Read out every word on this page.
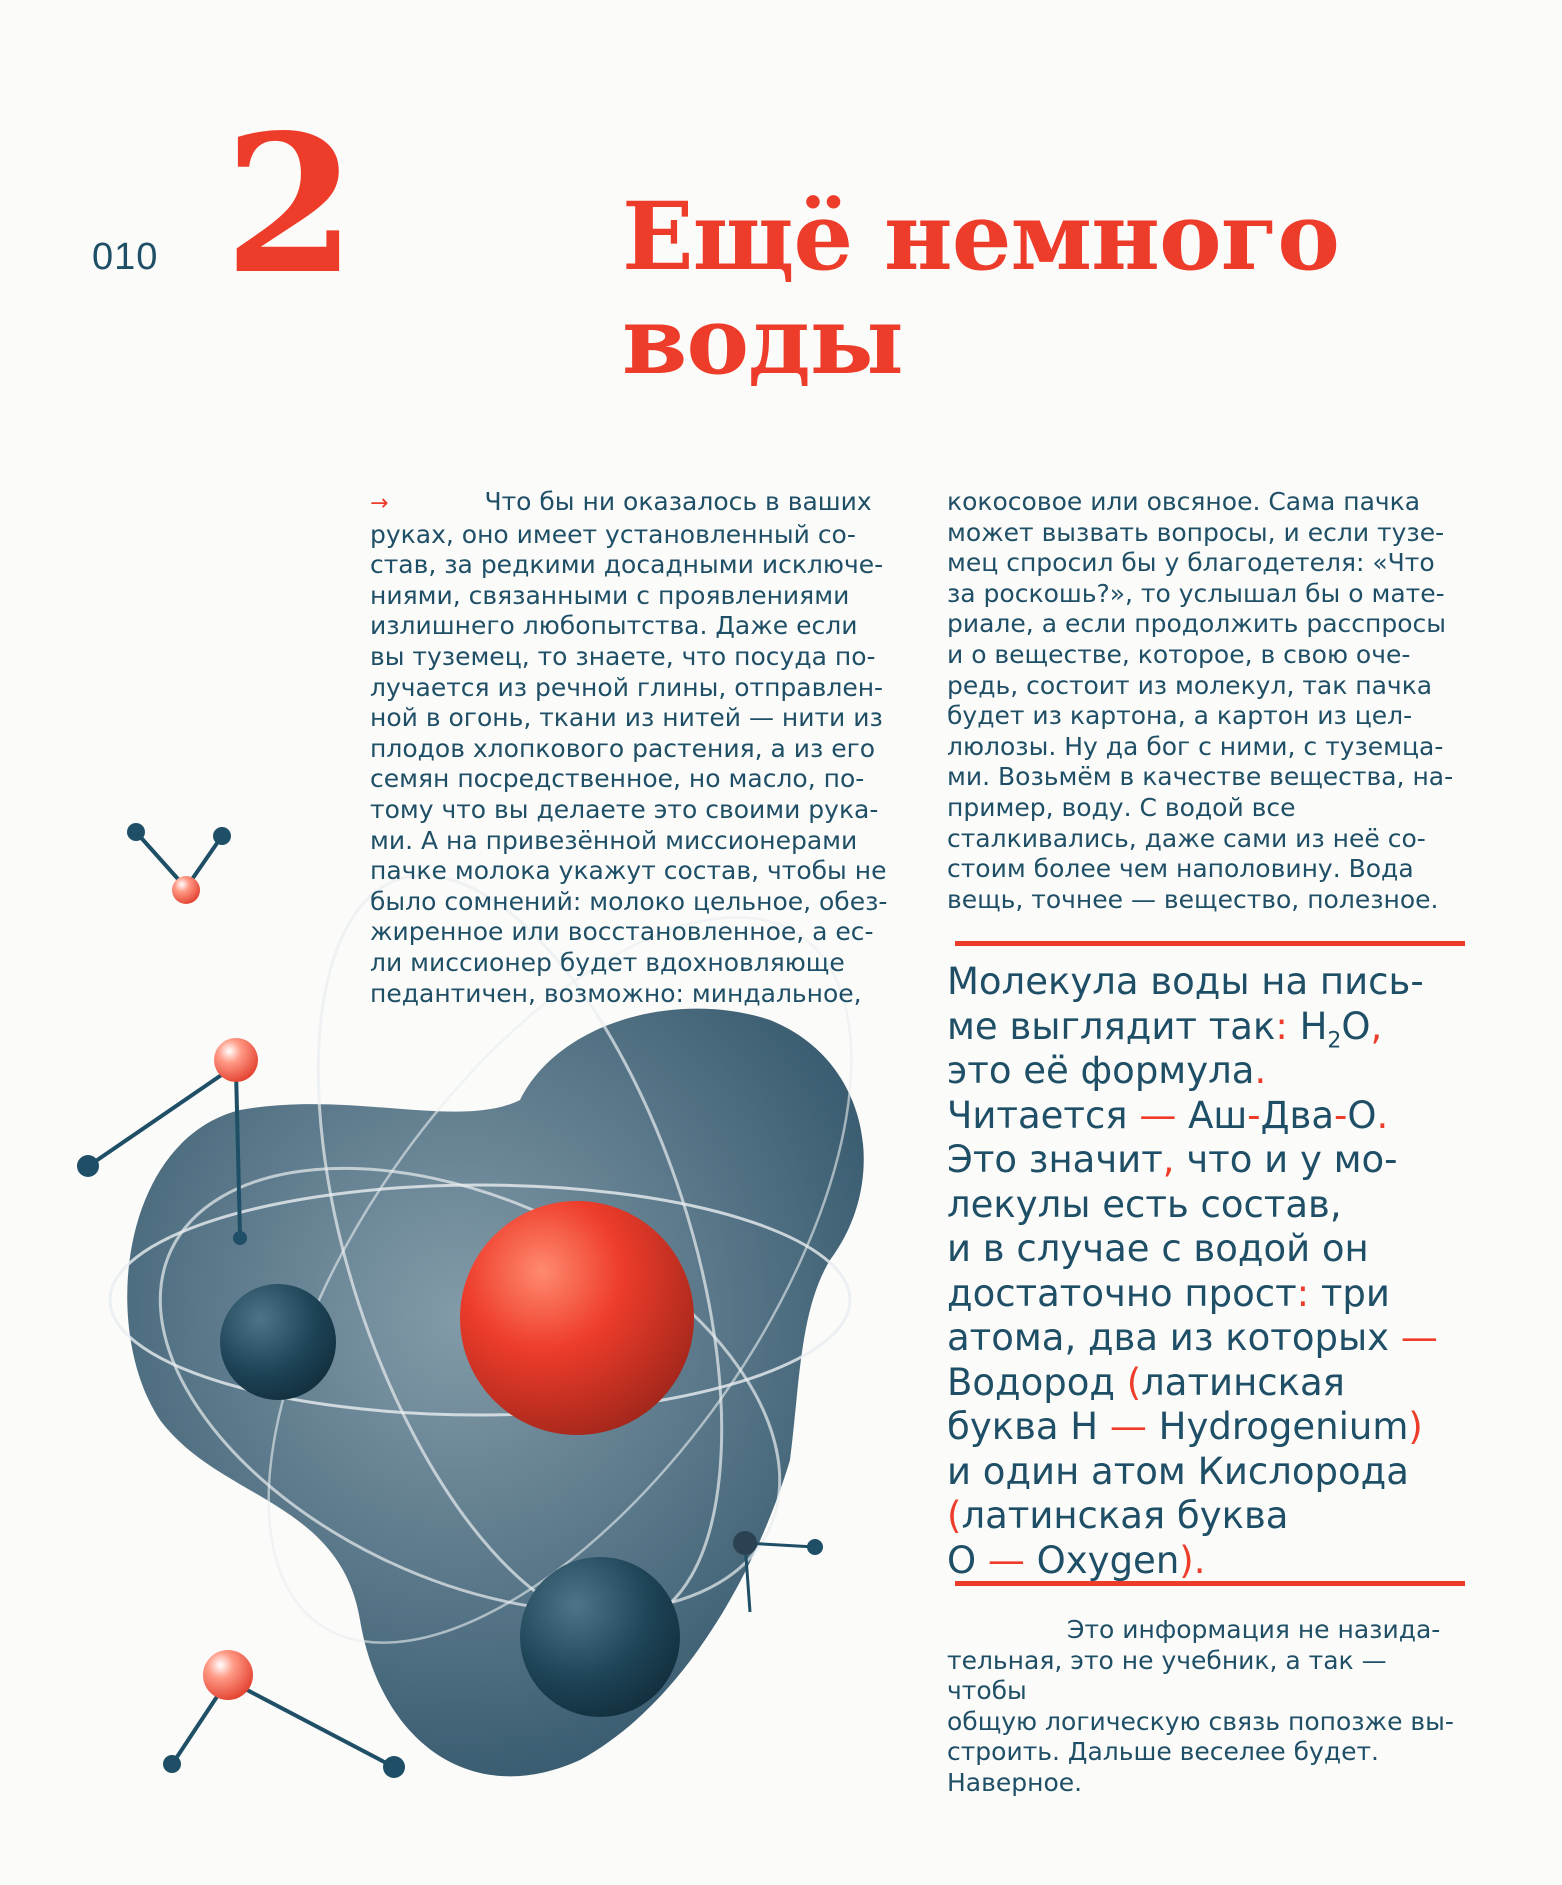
010 2	Ещё немного
воды
→	Что бы ни оказалось в ваших
руках, оно имеет установленный со-
став, за редкими досадными исключе-
ниями, связанными с проявлениями
излишнего любопытства. Даже если
вы туземец, то знаете, что посуда по-
лучается из речной глины, отправлен-
ной в огонь, ткани из нитей — нити из
плодов хлопкового растения, а из его
семян посредственное, но масло, по-
тому что вы делаете это своими рука-
ми. А на привезённой миссионерами
пачке молока укажут состав, чтобы не
было сомнений: молоко цельное, обез-
жиренное или восстановленное, а ес-
ли миссионер будет вдохновляюще
педантичен, возможно: миндальное,
кокосовое или овсяное. Сама пачка
может вызвать вопросы, и если тузе-
мец спросил бы у благодетеля: «Что
за роскошь?», то услышал бы о мате-
риале, а если продолжить расспросы
и о веществе, которое, в свою оче-
редь, состоит из молекул, так пачка
будет из картона, а картон из цел-
люлозы. Ну да бог с ними, с туземца-
ми. Возьмём в качестве вещества, на-
пример, воду. С водой все
сталкивались, даже сами из неё со-
стоим более чем наполовину. Вода
вещь, точнее — вещество, полезное.
Молекула воды на пись-
ме выглядит так: $H_2O$,
это её формула.
Читается — Аш-Два-О.
Это значит, что и у мо-
лекулы есть состав,
и в случае с водой он
достаточно прост: три
атома, два из которых —
Водород (латинская
буква Н — Hydrogenium)
и один атом Кислорода
(латинская буква
О — Oxygen).
Это информация не назида-
тельная, это не учебник, а так — чтобы
общую логическую связь попозже вы-
строить. Дальше веселее будет.
Наверное.
